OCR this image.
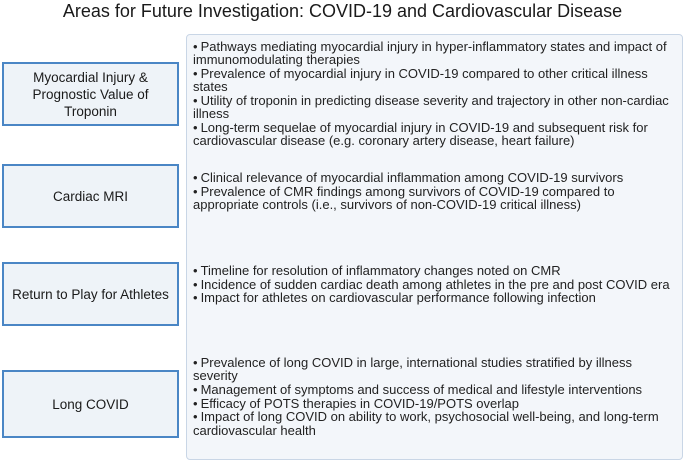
Areas for Future Investigation: COVID-19 and Cardiovascular Disease
Myocardial Injury & Prognostic Value of Troponin
• Pathways mediating myocardial injury in hyper-inflammatory states and impact of immunomodulating therapies
• Prevalence of myocardial injury in COVID-19 compared to other critical illness states
• Utility of troponin in predicting disease severity and trajectory in other non-cardiac illness
• Long-term sequelae of myocardial injury in COVID-19 and subsequent risk for cardiovascular disease (e.g. coronary artery disease, heart failure)
Cardiac MRI
• Clinical relevance of myocardial inflammation among COVID-19 survivors
• Prevalence of CMR findings among survivors of COVID-19 compared to appropriate controls (i.e., survivors of non-COVID-19 critical illness)
Return to Play for Athletes
• Timeline for resolution of inflammatory changes noted on CMR
• Incidence of sudden cardiac death among athletes in the pre and post COVID era
• Impact for athletes on cardiovascular performance following infection
Long COVID
• Prevalence of long COVID in large, international studies stratified by illness severity
• Management of symptoms and success of medical and lifestyle interventions
• Efficacy of POTS therapies in COVID-19/POTS overlap
• Impact of long COVID on ability to work, psychosocial well-being, and long-term cardiovascular health
